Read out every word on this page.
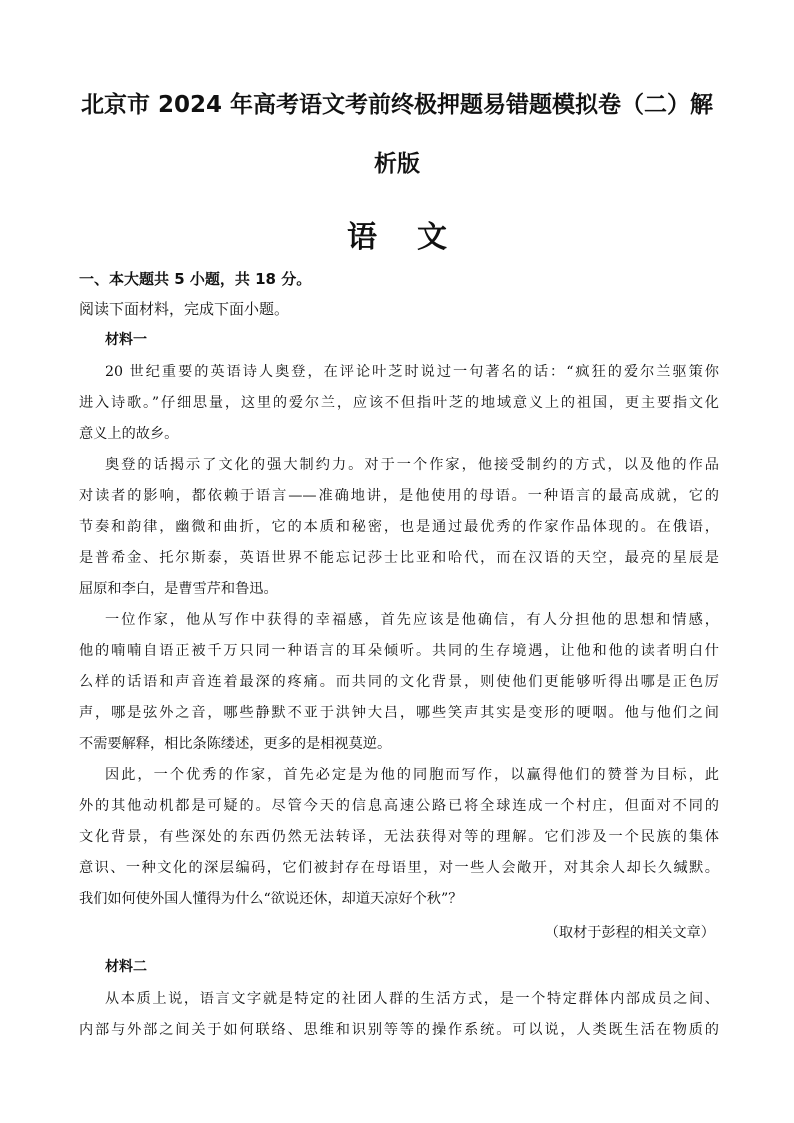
北京市 2024 年高考语文考前终极押题易错题模拟卷（二）解
析版
语文
一、本大题共 5 小题，共 18 分。
阅读下面材料，完成下面小题。
材料一
20 世纪重要的英语诗人奥登，在评论叶芝时说过一句著名的话：“疯狂的爱尔兰驱策你
进入诗歌。”仔细思量，这里的爱尔兰，应该不但指叶芝的地域意义上的祖国，更主要指文化
意义上的故乡。
奥登的话揭示了文化的强大制约力。对于一个作家，他接受制约的方式，以及他的作品
对读者的影响，都依赖于语言——准确地讲，是他使用的母语。一种语言的最高成就，它的
节奏和韵律，幽微和曲折，它的本质和秘密，也是通过最优秀的作家作品体现的。在俄语，
是普希金、托尔斯泰，英语世界不能忘记莎士比亚和哈代，而在汉语的天空，最亮的星辰是
屈原和李白，是曹雪芹和鲁迅。
一位作家，他从写作中获得的幸福感，首先应该是他确信，有人分担他的思想和情感，
他的喃喃自语正被千万只同一种语言的耳朵倾听。共同的生存境遇，让他和他的读者明白什
么样的话语和声音连着最深的疼痛。而共同的文化背景，则使他们更能够听得出哪是正色厉
声，哪是弦外之音，哪些静默不亚于洪钟大吕，哪些笑声其实是变形的哽咽。他与他们之间
不需要解释，相比条陈缕述，更多的是相视莫逆。
因此，一个优秀的作家，首先必定是为他的同胞而写作，以赢得他们的赞誉为目标，此
外的其他动机都是可疑的。尽管今天的信息高速公路已将全球连成一个村庄，但面对不同的
文化背景，有些深处的东西仍然无法转译，无法获得对等的理解。它们涉及一个民族的集体
意识、一种文化的深层编码，它们被封存在母语里，对一些人会敞开，对其余人却长久缄默。
我们如何使外国人懂得为什么“欲说还休，却道天凉好个秋”？
（取材于彭程的相关文章）
材料二
从本质上说，语言文字就是特定的社团人群的生活方式，是一个特定群体内部成员之间、
内部与外部之间关于如何联络、思维和识别等等的操作系统。可以说，人类既生活在物质的
